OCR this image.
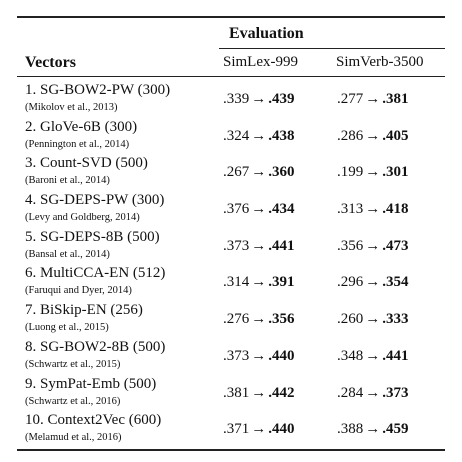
Evaluation
Vectors	SimLex-999	SimVerb-3500
1. SG-BOW2-PW (300)
(Mikolov et al., 2013)
.339 → .439	.277 → .381
2. GloVe-6B (300)
(Pennington et al., 2014)
.324 → .438	.286 → .405
3. Count-SVD (500)
(Baroni et al., 2014)
.267 → .360	.199 → .301
4. SG-DEPS-PW (300)
(Levy and Goldberg, 2014)
.376 → .434	.313 → .418
5. SG-DEPS-8B (500)
(Bansal et al., 2014)
.373 → .441	.356 → .473
6. MultiCCA-EN (512)
(Faruqui and Dyer, 2014)
.314 → .391	.296 → .354
7. BiSkip-EN (256)
(Luong et al., 2015)
.276 → .356	.260 → .333
8. SG-BOW2-8B (500)
(Schwartz et al., 2015)
.373 → .440	.348 → .441
9. SymPat-Emb (500)
(Schwartz et al., 2016)
.381 → .442	.284 → .373
10. Context2Vec (600)
(Melamud et al., 2016)
.371 → .440	.388 → .459
